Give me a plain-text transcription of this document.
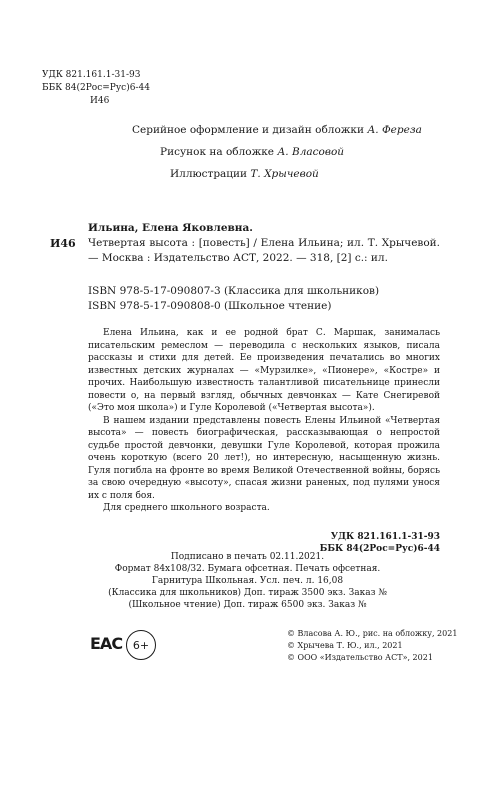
УДК 821.161.1-31-93
ББК 84(2Рос=Рус)6-44
И46
Серийное оформление и дизайн обложки А. Фереза
Рисунок на обложке А. Власовой
Иллюстрации Т. Хрычевой
Ильина, Елена Яковлевна.
И46 Четвертая высота : [повесть] / Елена Ильина; ил. Т. Хрычевой. — Москва : Издательство АСТ, 2022. — 318, [2] с.: ил.
ISBN 978-5-17-090807-3 (Классика для школьников)
ISBN 978-5-17-090808-0 (Школьное чтение)

Елена Ильина, как и ее родной брат С. Маршак, занималась писательским ремеслом — переводила с нескольких языков, писала рассказы и стихи для детей. Ее произведения печатались во многих известных детских журналах — «Мурзилке», «Пионере», «Костре» и прочих. Наибольшую известность талантливой писательнице принесли повести о, на первый взгляд, обычных девчонках — Кате Снегиревой («Это моя школа») и Гуле Королевой («Четвертая высота»).

В нашем издании представлены повесть Елены Ильиной «Четвертая высота» — повесть биографическая, рассказывающая о непростой судьбе простой девчонки, девушки Гуле Королевой, которая прожила очень короткую (всего 20 лет!), но интересную, насыщенную жизнь. Гуля погибла на фронте во время Великой Отечественной войны, борясь за свою очередную «высоту», спасая жизни раненых, под пулями унося их с поля боя.

Для среднего школьного возраста.

УДК 821.161.1-31-93
ББК 84(2Рос=Рус)6-44
Подписано в печать 02.11.2021.
Формат 84х108/32. Бумага офсетная. Печать офсетная.
Гарнитура Школьная. Усл. печ. л. 16,08
(Классика для школьников) Доп. тираж 3500 экз. Заказ №
(Школьное чтение) Доп. тираж 6500 экз. Заказ №
EAC 6+
© Власова А. Ю., рис. на обложку, 2021
© Хрычева Т. Ю., ил., 2021
© ООО «Издательство АСТ», 2021
